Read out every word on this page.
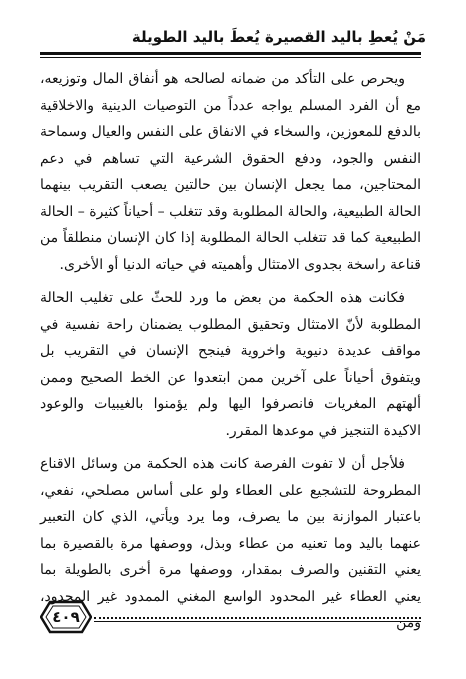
مَنْ يُعطِ باليد القصيرة يُعطَ باليد الطويلة

ويحرص على التأكد من ضمانه لصالحه هو أنفاق المال وتوزيعه، مع أن الفرد المسلم يواجه عدداً من التوصيات الدينية والاخلاقية بالدفع للمعوزين، والسخاء في الانفاق على النفس والعيال وسماحة النفس والجود، ودفع الحقوق الشرعية التي تساهم في دعم المحتاجين، مما يجعل الإنسان بين حالتين يصعب التقريب بينهما الحالة الطبيعية، والحالة المطلوبة وقد تتغلب – أحياناً كثيرة – الحالة الطبيعية كما قد تتغلب الحالة المطلوبة إذا كان الإنسان منطلقاً من قناعة راسخة بجدوى الامتثال وأهميته في حياته الدنيا أو الأخرى.

فكانت هذه الحكمة من بعض ما ورد للحثّ على تغليب الحالة المطلوبة لأنّ الامتثال وتحقيق المطلوب يضمنان راحة نفسية في مواقف عديدة دنيوية واخروية فينجح الإنسان في التقريب بل ويتفوق أحياناً على آخرين ممن ابتعدوا عن الخط الصحيح وممن ألهتهم المغريات فانصرفوا اليها ولم يؤمنوا بالغيبيات والوعود الاكيدة التنجيز في موعدها المقرر.

فلأجل أن لا تفوت الفرصة كانت هذه الحكمة من وسائل الاقناع المطروحة للتشجيع على العطاء ولو على أساس مصلحي، نفعي، باعتبار الموازنة بين ما يصرف، وما يرد ويأتي، الذي كان التعبير عنهما باليد وما تعنيه من عطاء وبذل، ووصفها مرة بالقصيرة بما يعني التقنين والصرف بمقدار، ووصفها مرة أخرى بالطويلة بما يعني العطاء غير المحدود الواسع المغني الممدود غير المحدود، ومن

٤٠٩
